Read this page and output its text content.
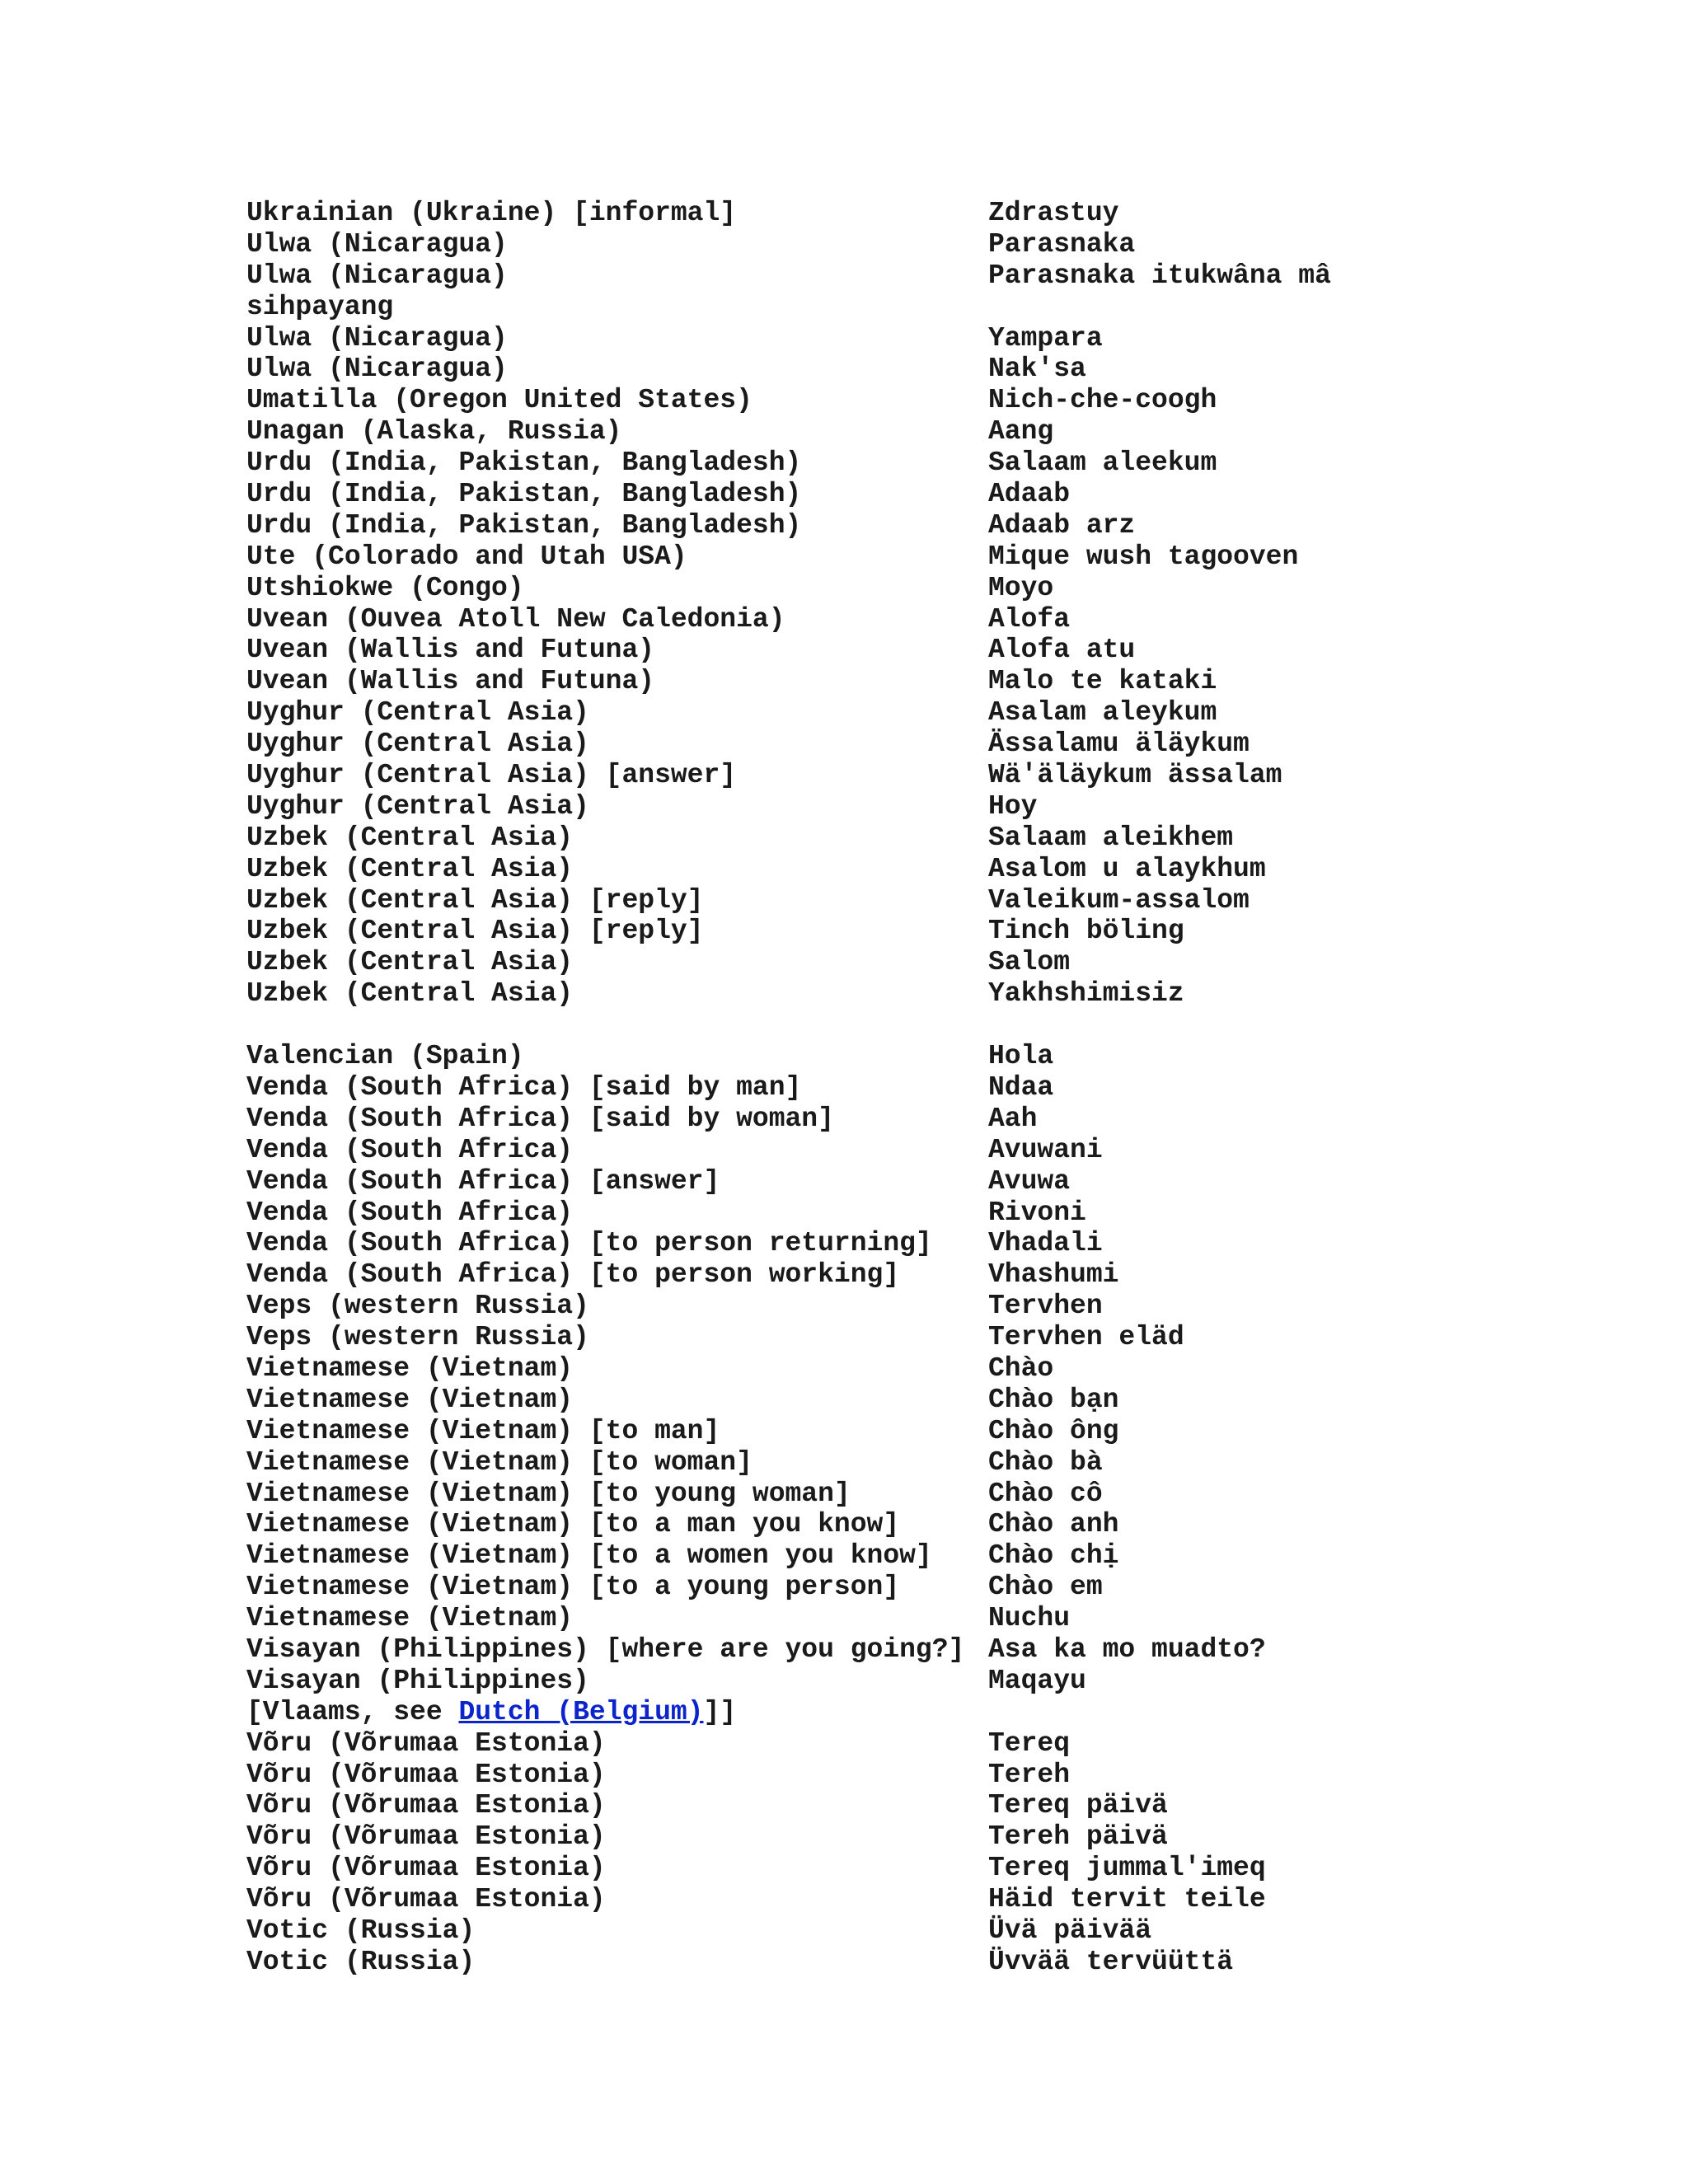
Ukrainian (Ukraine) [informal]	Zdrastuy
Ulwa (Nicaragua)	Parasnaka
Ulwa (Nicaragua)	Parasnaka itukwâna mâ
sihpayang
Ulwa (Nicaragua)	Yampara
Ulwa (Nicaragua)	Nak'sa
Umatilla (Oregon United States)	Nich-che-coogh
Unagan (Alaska, Russia)	Aang
Urdu (India, Pakistan, Bangladesh)	Salaam aleekum
Urdu (India, Pakistan, Bangladesh)	Adaab
Urdu (India, Pakistan, Bangladesh)	Adaab arz
Ute (Colorado and Utah USA)	Mique wush tagooven
Utshiokwe (Congo)	Moyo
Uvean (Ouvea Atoll New Caledonia)	Alofa
Uvean (Wallis and Futuna)	Alofa atu
Uvean (Wallis and Futuna)	Malo te kataki
Uyghur (Central Asia)	Asalam aleykum
Uyghur (Central Asia)	Ässalamu äläykum
Uyghur (Central Asia) [answer]	Wä'äläykum ässalam
Uyghur (Central Asia)	Hoy
Uzbek (Central Asia)	Salaam aleikhem
Uzbek (Central Asia)	Asalom u alaykhum
Uzbek (Central Asia) [reply]	Valeikum-assalom
Uzbek (Central Asia) [reply]	Tinch böling
Uzbek (Central Asia)	Salom
Uzbek (Central Asia)	Yakhshimisiz
Valencian (Spain)	Hola
Venda (South Africa) [said by man]	Ndaa
Venda (South Africa) [said by woman]	Aah
Venda (South Africa)	Avuwani
Venda (South Africa) [answer]	Avuwa
Venda (South Africa)	Rivoni
Venda (South Africa) [to person returning] Vhadali
Venda (South Africa) [to person working]	Vhashumi
Veps (western Russia)	Tervhen
Veps (western Russia)	Tervhen eläd
Vietnamese (Vietnam)	Chào
Vietnamese (Vietnam)	Chào bạn
Vietnamese (Vietnam) [to man]	Chào ông
Vietnamese (Vietnam) [to woman]	Chào bà
Vietnamese (Vietnam) [to young woman]	Chào cô
Vietnamese (Vietnam) [to a man you know]	Chào anh
Vietnamese (Vietnam) [to a women you know] Chào chị
Vietnamese (Vietnam) [to a young person]	Chào em
Vietnamese (Vietnam)	Nuchu
Visayan (Philippines) [where are you going?] Asa ka mo muadto?
Visayan (Philippines)	Maqayu
[Vlaams, see Dutch (Belgium)]]
Võru (Võrumaa Estonia)	Tereq
Võru (Võrumaa Estonia)	Tereh
Võru (Võrumaa Estonia)	Tereq päivä
Võru (Võrumaa Estonia)	Tereh päivä
Võru (Võrumaa Estonia)	Tereq jummal'imeq
Võru (Võrumaa Estonia)	Häid tervit teile
Votic (Russia)	Üvä päivää
Votic (Russia)	Üvvää tervüüttä
